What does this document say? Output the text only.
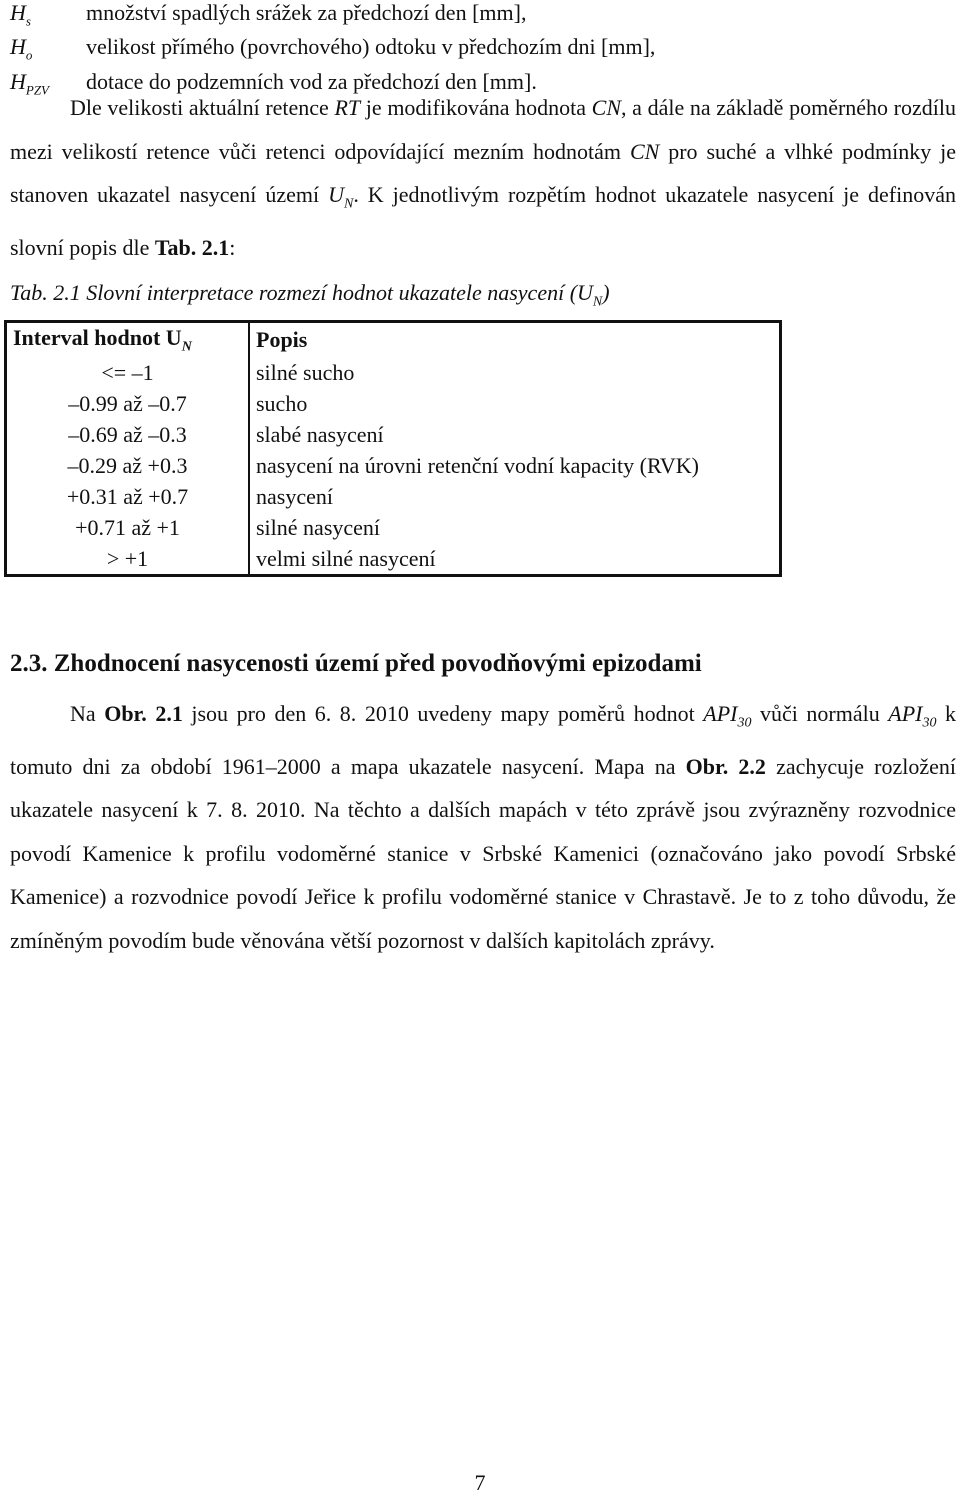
$H_s$	množství spadlých srážek za předchozí den [mm],
$H_o$	velikost přímého (povrchového) odtoku v předchozím dni [mm],
$H_{PZV}$	dotace do podzemních vod za předchozí den [mm].
Dle velikosti aktuální retence RT je modifikována hodnota CN, a dále na základě poměrného rozdílu mezi velikostí retence vůči retenci odpovídající mezním hodnotám CN pro suché a vlhké podmínky je stanoven ukazatel nasycení území $U_N$. K jednotlivým rozpětím hodnot ukazatele nasycení je definován slovní popis dle Tab. 2.1:
Tab. 2.1 Slovní interpretace rozmezí hodnot ukazatele nasycení $(U_N)$
Interval hodnot $U_N$	Popis
<= –1	silné sucho
–0.99 až –0.7	sucho
–0.69 až –0.3	slabé nasycení
–0.29 až +0.3	nasycení na úrovni retenční vodní kapacity (RVK)
+0.31 až +0.7	nasycení
+0.71 až +1	silné nasycení
> +1	velmi silné nasycení
2.3. Zhodnocení nasycenosti území před povodňovými epizodami
Na Obr. 2.1 jsou pro den 6. 8. 2010 uvedeny mapy poměrů hodnot $API_{30}$ vůči normálu $API_{30}$ k tomuto dni za období 1961–2000 a mapa ukazatele nasycení. Mapa na Obr. 2.2 zachycuje rozložení ukazatele nasycení k 7. 8. 2010. Na těchto a dalších mapách v této zprávě jsou zvýrazněny rozvodnice povodí Kamenice k profilu vodoměrné stanice v Srbské Kamenici (označováno jako povodí Srbské Kamenice) a rozvodnice povodí Jeřice k profilu vodoměrné stanice v Chrastavě. Je to z toho důvodu, že zmíněným povodím bude věnována větší pozornost v dalších kapitolách zprávy.
7
